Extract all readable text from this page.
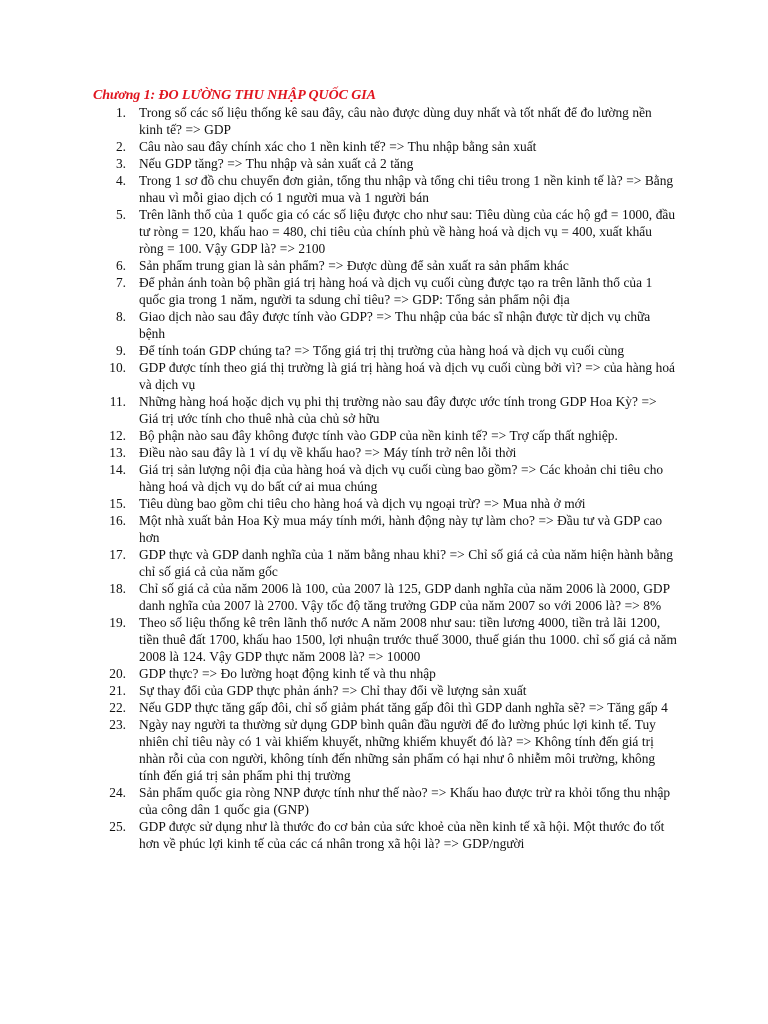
Chương 1: ĐO LƯỜNG THU NHẬP QUỐC GIA
1. Trong số các số liệu thống kê sau đây, câu nào được dùng duy nhất và tốt nhất để đo lường nền kinh tế? => GDP
2. Câu nào sau đây chính xác cho 1 nền kinh tế? => Thu nhập bằng sản xuất
3. Nếu GDP tăng? => Thu nhập và sản xuất cả 2 tăng
4. Trong 1 sơ đồ chu chuyển đơn giản, tổng thu nhập và tổng chi tiêu trong 1 nền kinh tế là? => Bằng nhau vì mỗi giao dịch có 1 người mua và 1 người bán
5. Trên lãnh thổ của 1 quốc gia có các số liệu được cho như sau: Tiêu dùng của các hộ gđ = 1000, đầu tư ròng = 120, khấu hao = 480, chi tiêu của chính phủ về hàng hoá và dịch vụ = 400, xuất khẩu ròng = 100. Vậy GDP là? => 2100
6. Sản phẩm trung gian là sản phẩm? => Được dùng để sản xuất ra sản phẩm khác
7. Để phản ánh toàn bộ phần giá trị hàng hoá và dịch vụ cuối cùng được tạo ra trên lãnh thổ của 1 quốc gia trong 1 năm, người ta sdung chỉ tiêu? => GDP: Tổng sản phẩm nội địa
8. Giao dịch nào sau đây được tính vào GDP? => Thu nhập của bác sĩ nhận được từ dịch vụ chữa bệnh
9. Để tính toán GDP chúng ta? => Tổng giá trị thị trường của hàng hoá và dịch vụ cuối cùng
10. GDP được tính theo giá thị trường là giá trị hàng hoá và dịch vụ cuối cùng bởi vì? => của hàng hoá và dịch vụ
11. Những hàng hoá hoặc dịch vụ phi thị trường nào sau đây được ước tính trong GDP Hoa Kỳ? => Giá trị ước tính cho thuê nhà của chủ sở hữu
12. Bộ phận nào sau đây không được tính vào GDP của nền kinh tế? => Trợ cấp thất nghiệp.
13. Điều nào sau đây là 1 ví dụ về khấu hao? => Máy tính trở nên lỗi thời
14. Giá trị sản lượng nội địa của hàng hoá và dịch vụ cuối cùng bao gồm? => Các khoản chi tiêu cho hàng hoá và dịch vụ do bất cứ ai mua chúng
15. Tiêu dùng bao gồm chi tiêu cho hàng hoá và dịch vụ ngoại trừ? => Mua nhà ở mới
16. Một nhà xuất bản Hoa Kỳ mua máy tính mới, hành động này tự làm cho? => Đầu tư và GDP cao hơn
17. GDP thực và GDP danh nghĩa của 1 năm bằng nhau khi? => Chỉ số giá cả của năm hiện hành bằng chỉ số giá cả của năm gốc
18. Chỉ số giá cả của năm 2006 là 100, của 2007 là 125, GDP danh nghĩa của năm 2006 là 2000, GDP danh nghĩa của 2007 là 2700. Vậy tốc độ tăng trưởng GDP của năm 2007 so với 2006 là? => 8%
19. Theo số liệu thống kê trên lãnh thổ nước A năm 2008 như sau: tiền lương 4000, tiền trả lãi 1200, tiền thuê đất 1700, khấu hao 1500, lợi nhuận trước thuế 3000, thuế gián thu 1000. chỉ số giá cả năm 2008 là 124. Vậy GDP thực năm 2008 là? => 10000
20. GDP thực? => Đo lường hoạt động kinh tế và thu nhập
21. Sự thay đổi của GDP thực phản ánh? => Chỉ thay đổi về lượng sản xuất
22. Nếu GDP thực tăng gấp đôi, chỉ số giảm phát tăng gấp đôi thì GDP danh nghĩa sẽ? => Tăng gấp 4
23. Ngày nay người ta thường sử dụng GDP bình quân đầu người để đo lường phúc lợi kinh tế. Tuy nhiên chỉ tiêu này có 1 vài khiếm khuyết, những khiếm khuyết đó là? => Không tính đến giá trị nhàn rỗi của con người, không tính đến những sản phẩm có hại như ô nhiễm môi trường, không tính đến giá trị sản phẩm phi thị trường
24. Sản phẩm quốc gia ròng NNP được tính như thế nào? => Khấu hao được trừ ra khỏi tổng thu nhập của công dân 1 quốc gia (GNP)
25. GDP được sử dụng như là thước đo cơ bản của sức khoẻ của nền kinh tế xã hội. Một thước đo tốt hơn về phúc lợi kinh tế của các cá nhân trong xã hội là? => GDP/người
